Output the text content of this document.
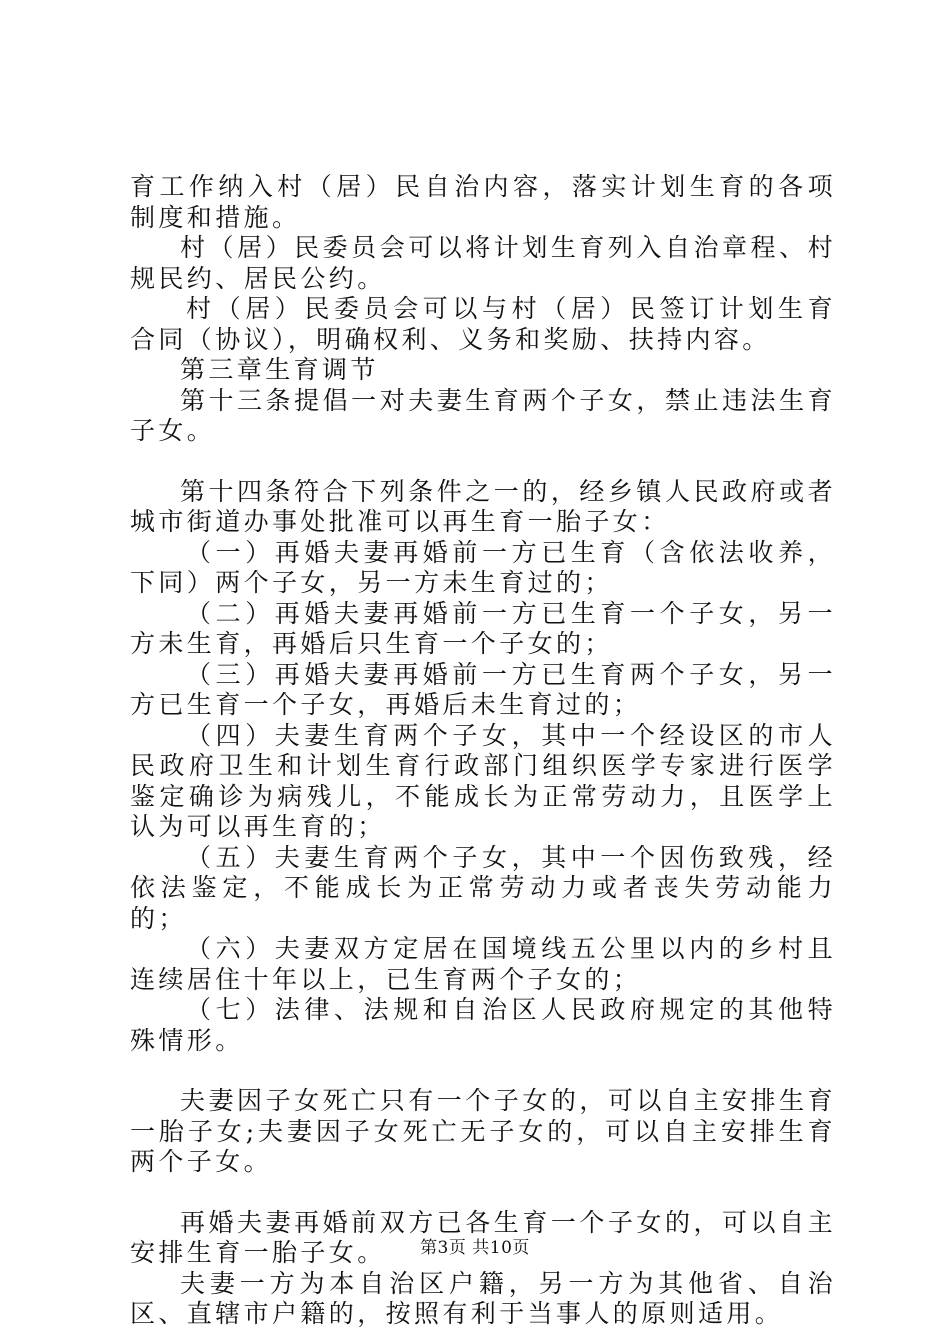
育工作纳入村（居）民自治内容，落实计划生育的各项制度和措施。

村（居）民委员会可以将计划生育列入自治章程、村规民约、居民公约。

村（居）民委员会可以与村（居）民签订计划生育合同（协议），明确权利、义务和奖励、扶持内容。

第三章生育调节

第十三条提倡一对夫妻生育两个子女，禁止违法生育子女。

第十四条符合下列条件之一的，经乡镇人民政府或者城市街道办事处批准可以再生育一胎子女：

（一）再婚夫妻再婚前一方已生育（含依法收养，下同）两个子女，另一方未生育过的；

（二）再婚夫妻再婚前一方已生育一个子女，另一方未生育，再婚后只生育一个子女的；

（三）再婚夫妻再婚前一方已生育两个子女，另一方已生育一个子女，再婚后未生育过的；

（四）夫妻生育两个子女，其中一个经设区的市人民政府卫生和计划生育行政部门组织医学专家进行医学鉴定确诊为病残儿，不能成长为正常劳动力，且医学上认为可以再生育的；

（五）夫妻生育两个子女，其中一个因伤致残，经依法鉴定，不能成长为正常劳动力或者丧失劳动能力的；

（六）夫妻双方定居在国境线五公里以内的乡村且连续居住十年以上，已生育两个子女的；

（七）法律、法规和自治区人民政府规定的其他特殊情形。

夫妻因子女死亡只有一个子女的，可以自主安排生育一胎子女;夫妻因子女死亡无子女的，可以自主安排生育两个子女。

再婚夫妻再婚前双方已各生育一个子女的，可以自主安排生育一胎子女。

夫妻一方为本自治区户籍，另一方为其他省、自治区、直辖市户籍的，按照有利于当事人的原则适用。

第3页 共10页
